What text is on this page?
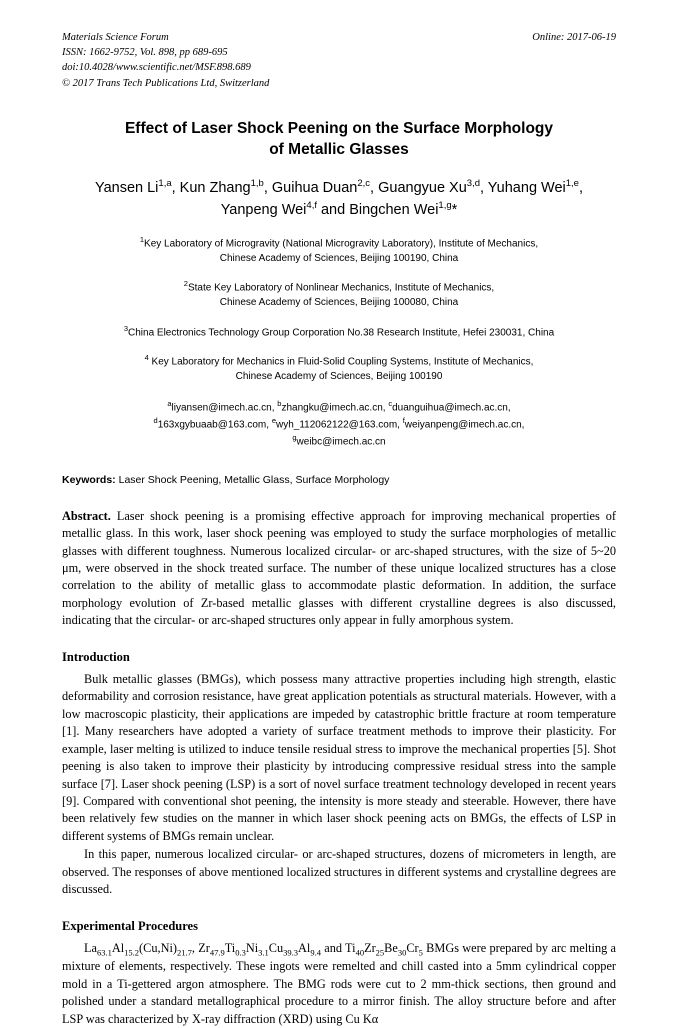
Materials Science Forum
ISSN: 1662-9752, Vol. 898, pp 689-695
doi:10.4028/www.scientific.net/MSF.898.689
© 2017 Trans Tech Publications Ltd, Switzerland
Online: 2017-06-19
Effect of Laser Shock Peening on the Surface Morphology
of Metallic Glasses
Yansen Li$^{1,a}$, Kun Zhang$^{1,b}$, Guihua Duan$^{2,c}$, Guangyue Xu$^{3,d}$, Yuhang Wei$^{1,e}$,
Yanpeng Wei$^{4,f}$ and Bingchen Wei$^{1,g}$*
$^1$Key Laboratory of Microgravity (National Microgravity Laboratory), Institute of Mechanics,
Chinese Academy of Sciences, Beijing 100190, China
$^2$State Key Laboratory of Nonlinear Mechanics, Institute of Mechanics,
Chinese Academy of Sciences, Beijing 100080, China
$^3$China Electronics Technology Group Corporation No.38 Research Institute, Hefei 230031, China
$^4$ Key Laboratory for Mechanics in Fluid-Solid Coupling Systems, Institute of Mechanics,
Chinese Academy of Sciences, Beijing 100190
$^a$liyansen@imech.ac.cn, $^b$zhangku@imech.ac.cn, $^c$duanguihua@imech.ac.cn,
$^d$163xgybuaab@163.com, $^e$wyh_112062122@163.com, $^f$weiyanpeng@imech.ac.cn,
$^g$weibc@imech.ac.cn
Keywords: Laser Shock Peening, Metallic Glass, Surface Morphology
Abstract. Laser shock peening is a promising effective approach for improving mechanical properties of metallic glass. In this work, laser shock peening was employed to study the surface morphologies of metallic glasses with different toughness. Numerous localized circular- or arc-shaped structures, with the size of 5~20 μm, were observed in the shock treated surface. The number of these unique localized structures has a close correlation to the ability of metallic glass to accommodate plastic deformation. In addition, the surface morphology evolution of Zr-based metallic glasses with different crystalline degrees is also discussed, indicating that the circular- or arc-shaped structures only appear in fully amorphous system.
Introduction

Bulk metallic glasses (BMGs), which possess many attractive properties including high strength, elastic deformability and corrosion resistance, have great application potentials as structural materials. However, with a low macroscopic plasticity, their applications are impeded by catastrophic brittle fracture at room temperature [1]. Many researchers have adopted a variety of surface treatment methods to improve their plasticity. For example, laser melting is utilized to induce tensile residual stress to improve the mechanical properties [5]. Shot peening is also taken to improve their plasticity by introducing compressive residual stress into the sample surface [7]. Laser shock peening (LSP) is a sort of novel surface treatment technology developed in recent years [9]. Compared with conventional shot peening, the intensity is more steady and steerable. However, there have been relatively few studies on the manner in which laser shock peening acts on BMGs, the effects of LSP in different systems of BMGs remain unclear.

In this paper, numerous localized circular- or arc-shaped structures, dozens of micrometers in length, are observed. The responses of above mentioned localized structures in different systems and crystalline degrees are discussed.

Experimental Procedures

$La_{63.1}Al_{15.2}(Cu,Ni)_{21.7}$, $Zr_{47.9}Ti_{0.3}Ni_{3.1}Cu_{39.3}Al_{9.4}$ and $Ti_{40}Zr_{25}Be_{30}Cr_5$ BMGs were prepared by arc melting a mixture of elements, respectively. These ingots were remelted and chill casted into a 5mm cylindrical copper mold in a Ti-gettered argon atmosphere. The BMG rods were cut to 2 mm-thick sections, then ground and polished under a standard metallographical procedure to a mirror finish. The alloy structure before and after LSP was characterized by X-ray diffraction (XRD) using Cu Kα
